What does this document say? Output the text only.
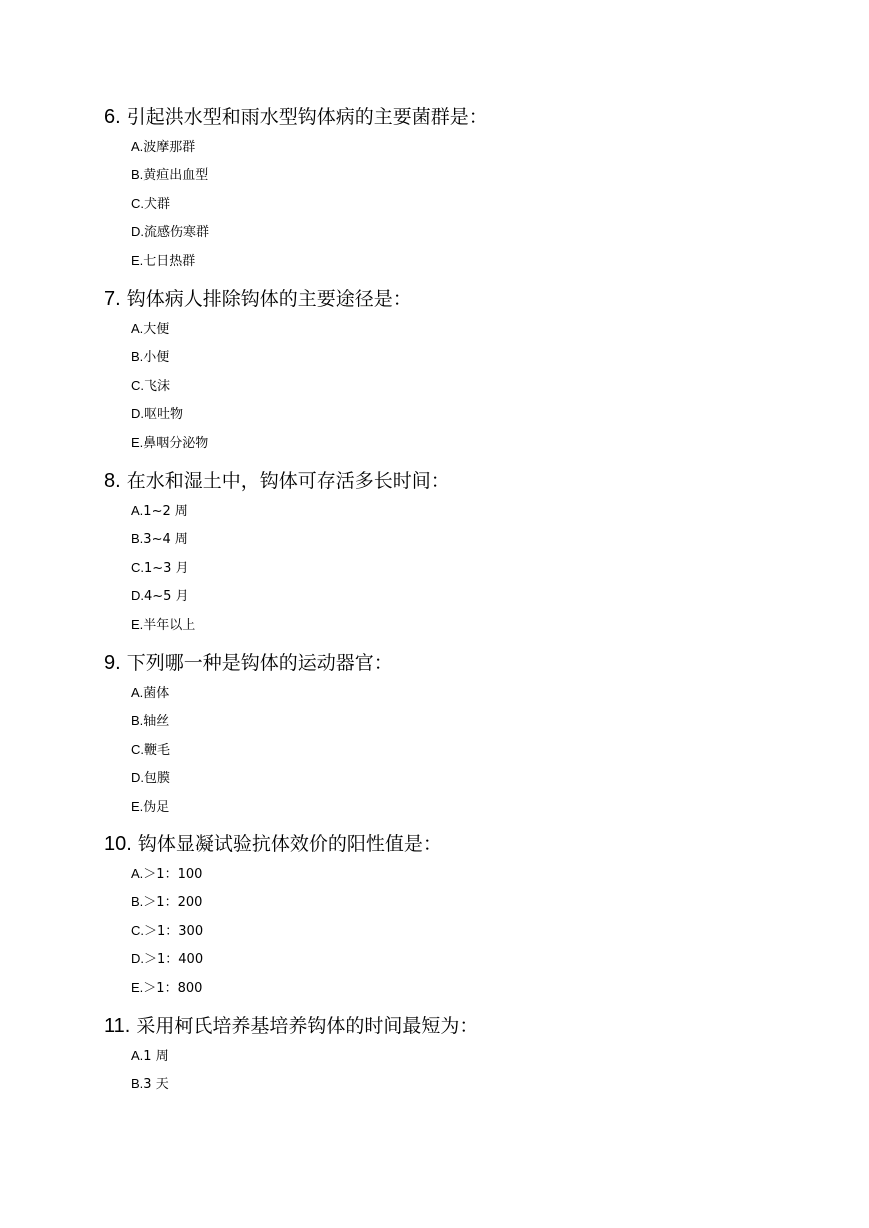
6. 引起洪水型和雨水型钩体病的主要菌群是：
A.波摩那群
B.黄疸出血型
C.犬群
D.流感伤寒群
E.七日热群
7. 钩体病人排除钩体的主要途径是：
A.大便
B.小便
C.飞沫
D.呕吐物
E.鼻咽分泌物
8. 在水和湿土中，钩体可存活多长时间：
A.1~2 周
B.3~4 周
C.1~3 月
D.4~5 月
E.半年以上
9. 下列哪一种是钩体的运动器官：
A.菌体
B.轴丝
C.鞭毛
D.包膜
E.伪足
10. 钩体显凝试验抗体效价的阳性值是：
A.＞1：100
B.＞1：200
C.＞1：300
D.＞1：400
E.＞1：800
11. 采用柯氏培养基培养钩体的时间最短为：
A.1 周
B.3 天
